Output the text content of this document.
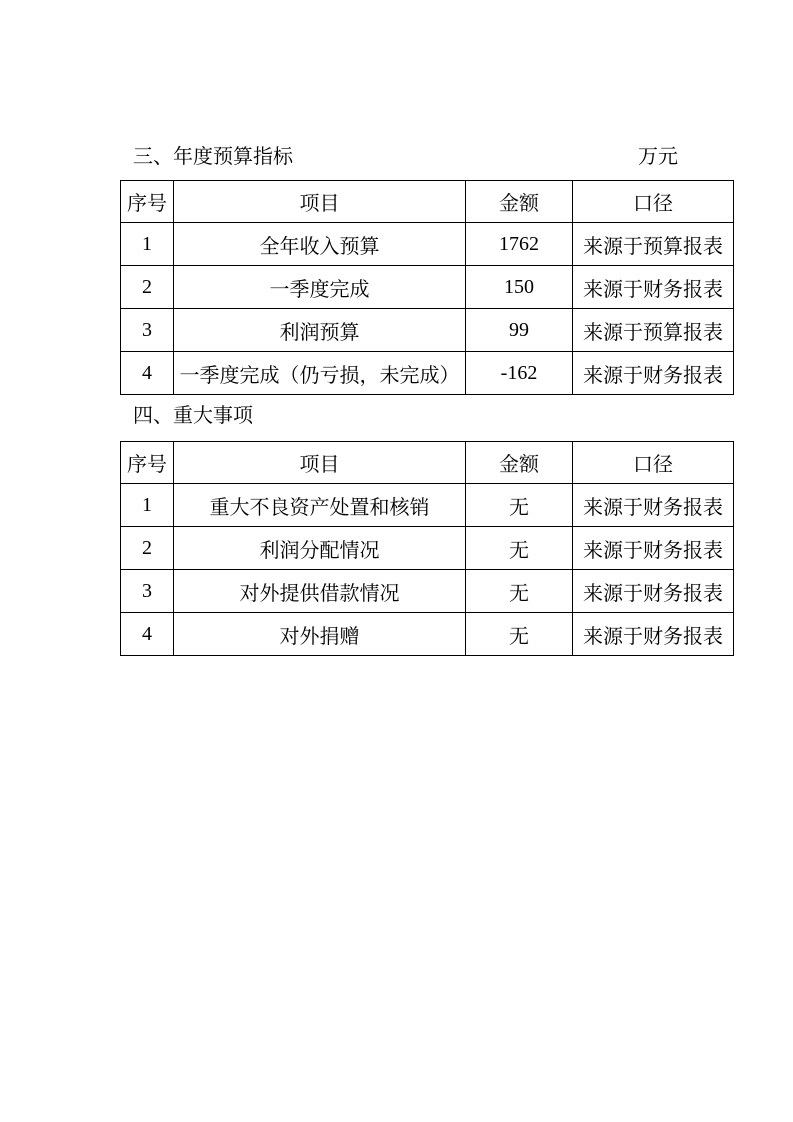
三、年度预算指标	万元
序号	项目	金额	口径
1	全年收入预算	1762	来源于预算报表
2	一季度完成	150	来源于财务报表
3	利润预算	99	来源于预算报表
4	一季度完成（仍亏损，未完成）	-162	来源于财务报表
四、重大事项
序号	项目	金额	口径
1	重大不良资产处置和核销	无	来源于财务报表
2	利润分配情况	无	来源于财务报表
3	对外提供借款情况	无	来源于财务报表
4	对外捐赠	无	来源于财务报表
